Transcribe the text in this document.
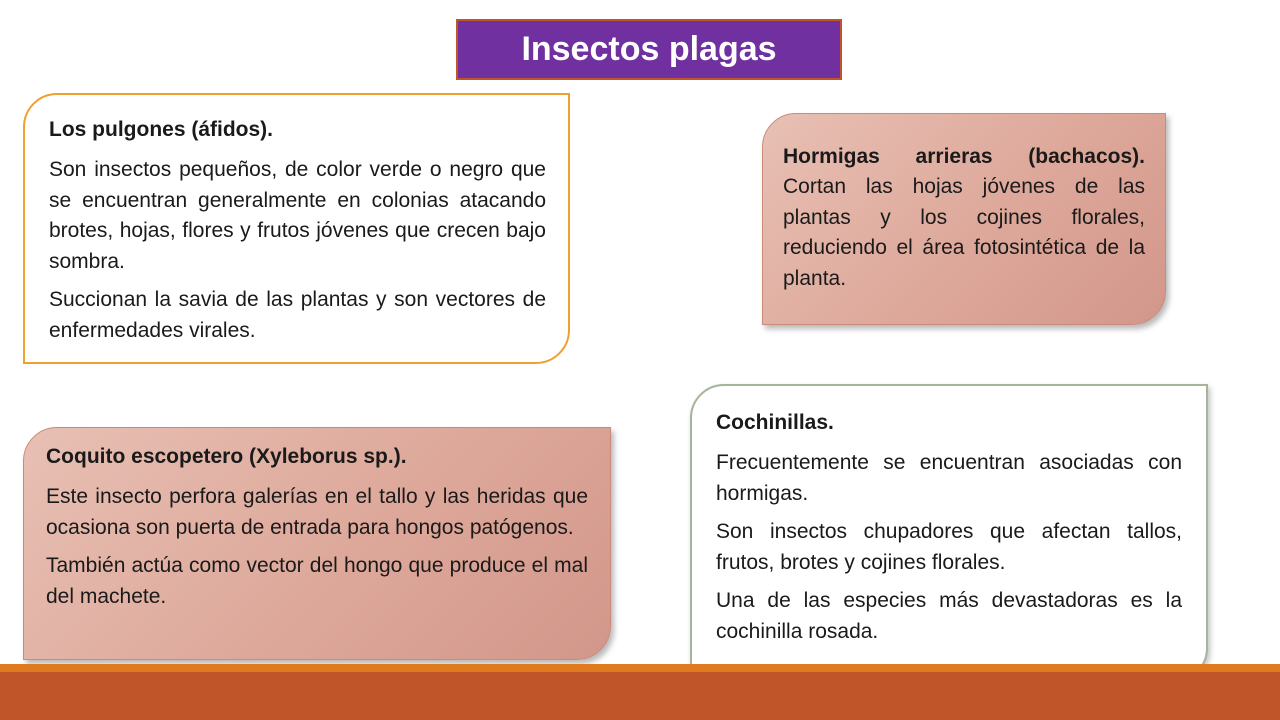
Insectos plagas

Los pulgones (áfidos).

Son insectos pequeños, de color verde o negro que se encuentran generalmente en colonias atacando brotes, hojas, flores y frutos jóvenes que crecen bajo sombra.

Succionan la savia de las plantas y son vectores de enfermedades virales.

Hormigas arrieras (bachacos). Cortan las hojas jóvenes de las plantas y los cojines florales, reduciendo el área fotosintética de la planta.

Coquito escopetero (Xyleborus sp.).

Este insecto perfora galerías en el tallo y las heridas que ocasiona son puerta de entrada para hongos patógenos.

También actúa como vector del hongo que produce el mal del machete.

Cochinillas.

Frecuentemente se encuentran asociadas con hormigas.

Son insectos chupadores que afectan tallos, frutos, brotes y cojines florales.

Una de las especies más devastadoras es la cochinilla rosada.
